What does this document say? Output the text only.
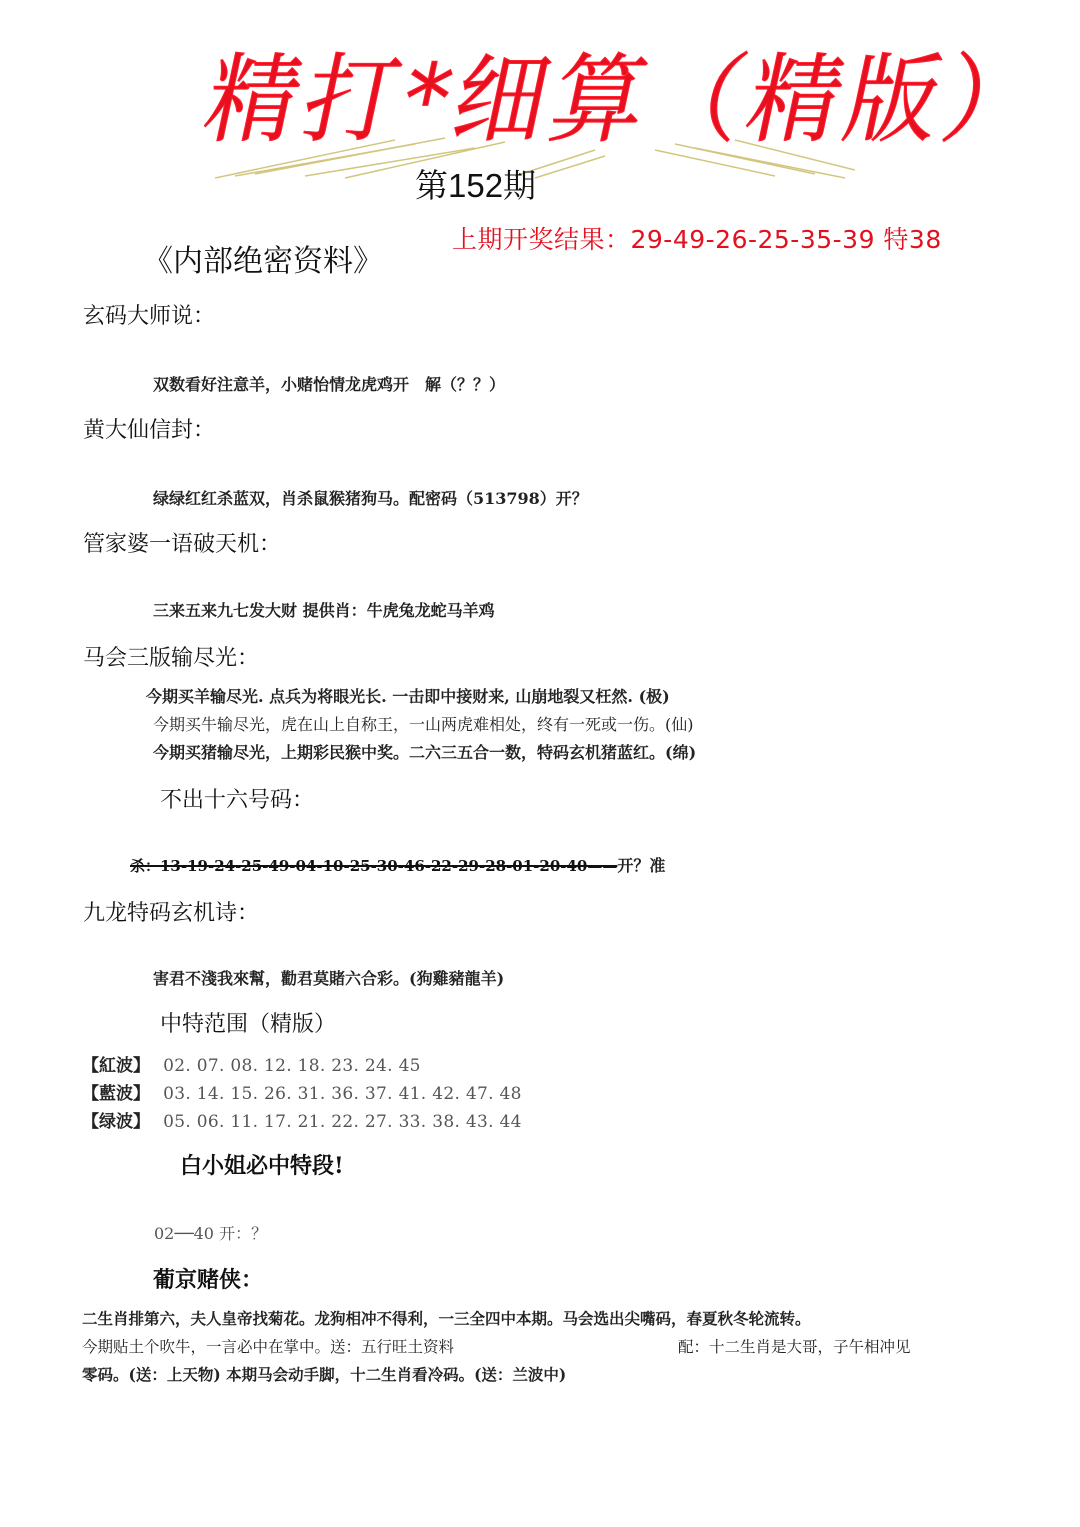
精打*细算（精版）
第152期
上期开奖结果：29-49-26-25-35-39 特38
《内部绝密资料》
玄码大师说：
双数看好注意羊，小赌怡情龙虎鸡开　解（？？）
黄大仙信封：
绿绿红红杀蓝双，肖杀鼠猴猪狗马。配密码（513798）开？
管家婆一语破天机：
三来五来九七发大财 提供肖：牛虎兔龙蛇马羊鸡
马会三版输尽光：
今期买羊输尽光. 点兵为将眼光长. 一击即中接财来, 山崩地裂又枉然. (极)
今期买牛输尽光，虎在山上自称王，一山两虎难相处，终有一死或一伤。(仙)
今期买猪输尽光，上期彩民猴中奖。二六三五合一数，特码玄机猪蓝红。(绵)
不出十六号码：
杀：13-19-24-25-49-04-10-25-30-46-22-29-28-01-20-40——开？准
九龙特码玄机诗：
害君不淺我來幫，勸君莫賭六合彩。(狗雞豬龍羊)
中特范围（精版）
【紅波】 02. 07. 08. 12. 18. 23. 24. 45
【藍波】 03. 14. 15. 26. 31. 36. 37. 41. 42. 47. 48
【绿波】 05. 06. 11. 17. 21. 22. 27. 33. 38. 43. 44
白小姐必中特段!
02──40 开：？
葡京赌侠：
二生肖排第六，夫人皇帝找菊花。龙狗相冲不得利，一三全四中本期。马会选出尖嘴码，春夏秋冬轮流转。
今期贴土个吹牛，一言必中在掌中。送：五行旺土资料	配：十二生肖是大哥，子午相冲见
零码。(送：上天物) 本期马会动手脚，十二生肖看冷码。(送：兰波中)
